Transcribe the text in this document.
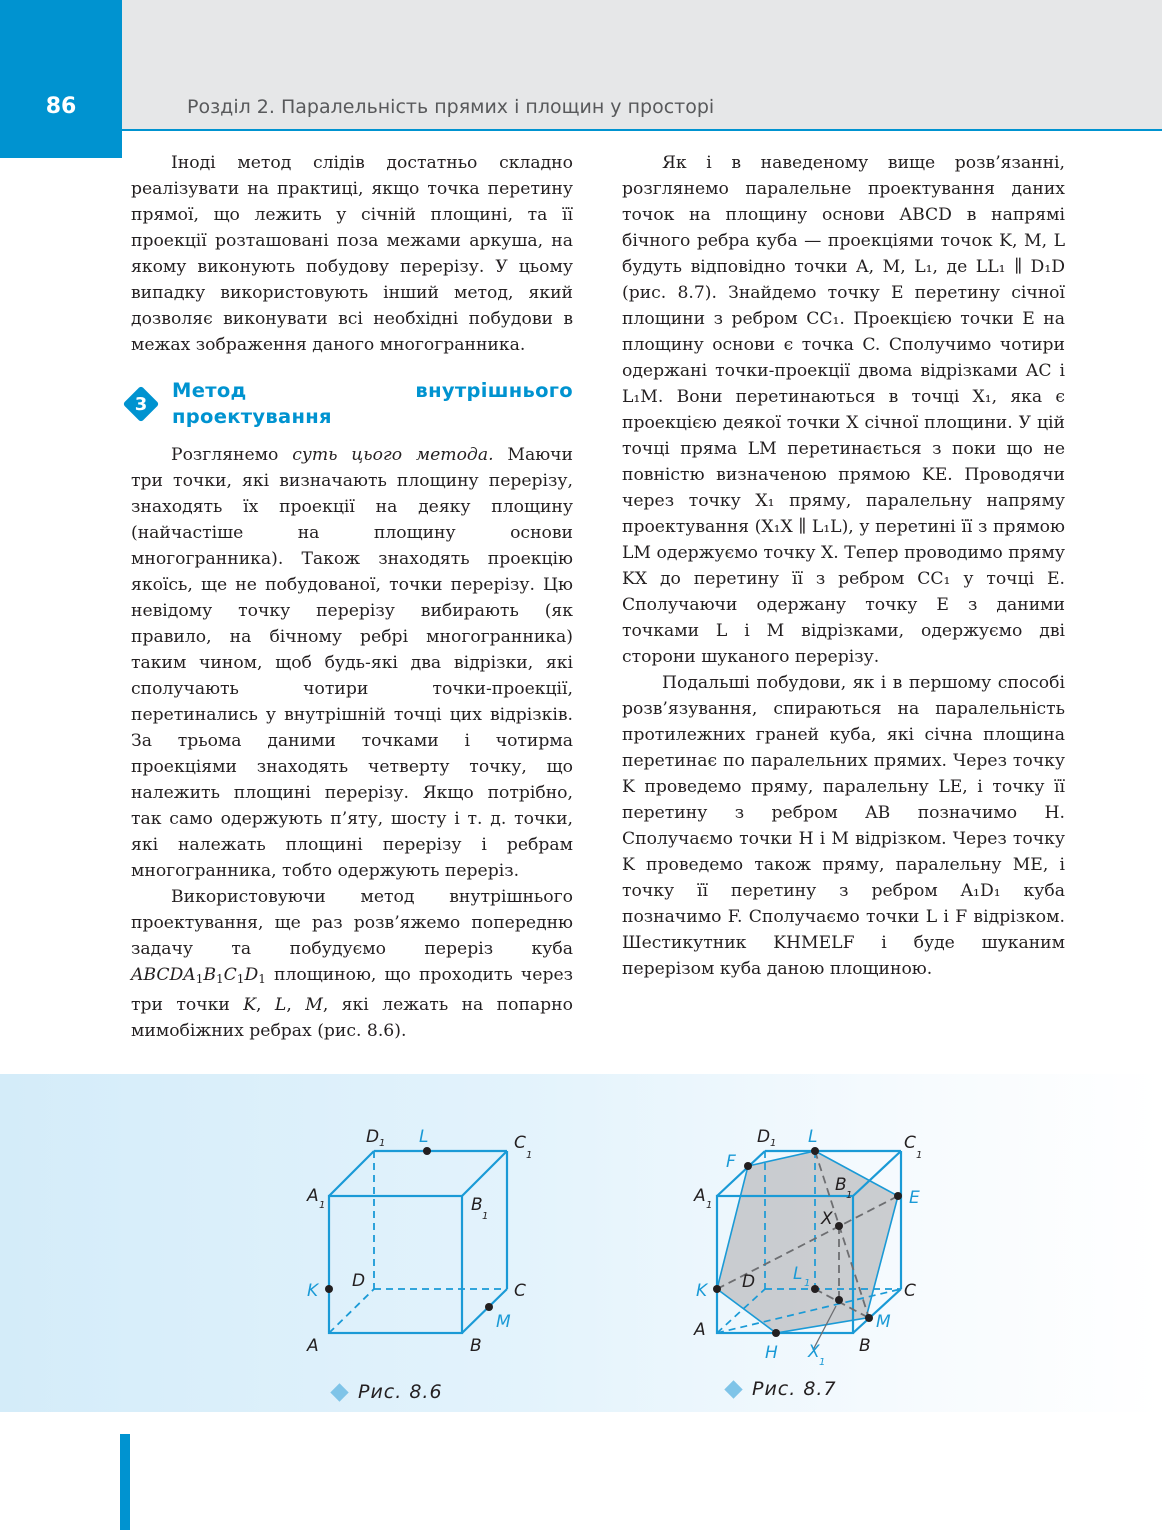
86	Розділ 2. Паралельність прямих і площин у просторі

Іноді метод слідів достатньо складно реалізувати на практиці, якщо точка перетину прямої, що лежить у січній площині, та її проекції розташовані поза межами аркуша, на якому виконують побудову перерізу. У цьому випадку використовують інший метод, який дозволяє виконувати всі необхідні побудови в межах зображення даного многогранника.

3
Метод внутрішнього проектування

Розглянемо суть цього метода. Маючи три точки, які визначають площину перерізу, знаходять їх проекції на деяку площину (найчастіше на площину основи многогранника). Також знаходять проекцію якоїсь, ще не побудованої, точки перерізу. Цю невідому точку перерізу вибирають (як правило, на бічному ребрі многогранника) таким чином, щоб будь-які два відрізки, які сполучають чотири точки-проекції, перетинались у внутрішній точці цих відрізків. За трьома даними точками і чотирма проекціями знаходять четверту точку, що належить площині перерізу. Якщо потрібно, так само одержують п’яту, шосту і т. д. точки, які належать площині перерізу і ребрам многогранника, тобто одержують переріз.

Використовуючи метод внутрішнього проектування, ще раз розв’яжемо попередню задачу та побудуємо переріз куба $ABCDA_1B_1C_1D_1$ площиною, що проходить через три точки K, L, M, які лежать на попарно мимобіжних ребрах (рис. 8.6).

Як і в наведеному вище розв’язанні, розглянемо паралельне проектування даних точок на площину основи ABCD в напрямі бічного ребра куба — проекціями точок K, M, L будуть відповідно точки A, M, L₁, де LL₁ ∥ D₁D (рис. 8.7). Знайдемо точку E перетину січної площини з ребром CC₁. Проекцією точки E на площину основи є точка C. Сполучимо чотири одержані точки-проекції двома відрізками AC і L₁M. Вони перетинаються в точці X₁, яка є проекцією деякої точки X січної площини. У цій точці пряма LM перетинається з поки що не повністю визначеною прямою KE. Проводячи через точку X₁ пряму, паралельну напряму проектування (X₁X ∥ L₁L), у перетині її з прямою LM одержуємо точку X. Тепер проводимо пряму KX до перетину її з ребром CC₁ у точці E. Сполучаючи одержану точку E з даними точками L і M відрізками, одержуємо дві сторони шуканого перерізу.

Подальші побудови, як і в першому способі розв’язування, спираються на паралельність протилежних граней куба, які січна площина перетинає по паралельних прямих. Через точку K проведемо пряму, паралельну LE, і точку її перетину з ребром AB позначимо H. Сполучаємо точки H і M відрізком. Через точку K проведемо також пряму, паралельну ME, і точку її перетину з ребром A₁D₁ куба позначимо F. Сполучаємо точки L і F відрізком. Шестикутник KHMELF і буде шуканим перерізом куба даною площиною.

D 1	C
1
A 1	B
1
D	C
A	B
L
K
M
Рис. 8.6
D 1	C
1
A 1
B
1
X
D	C
A
B
L
F
E
K
L 1
M
H X
1
Рис. 8.7
